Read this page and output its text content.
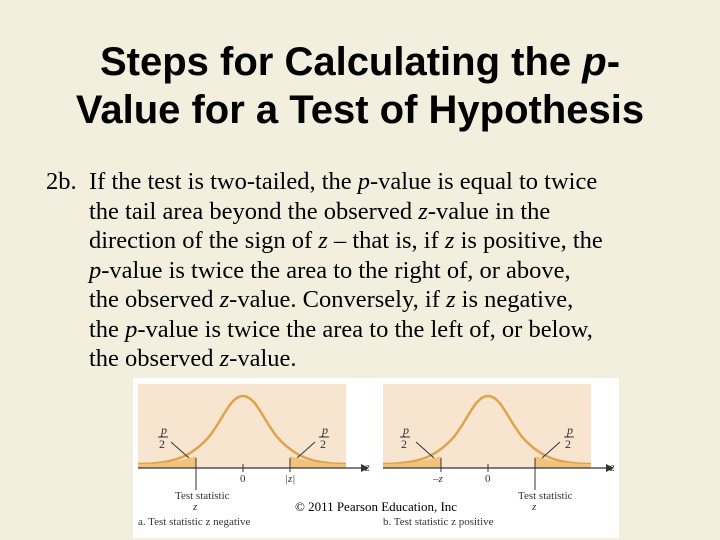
Steps for Calculating the p-
Value for a Test of Hypothesis
2b. If the test is two-tailed, the p-value is equal to twice
the tail area beyond the observed z-value in the
direction of the sign of z – that is, if z is positive, the
p-value is twice the area to the right of, or above,
the observed z-value. Conversely, if z is negative,
the p-value is twice the area to the left of, or below,
the observed z-value.
p
2
p
2
0	|z|
z
Test statistic
z
a. Test statistic z negative
p
2
p
2
–z	0
z
Test statistic
z
b. Test statistic z positive
© 2011 Pearson Education, Inc
